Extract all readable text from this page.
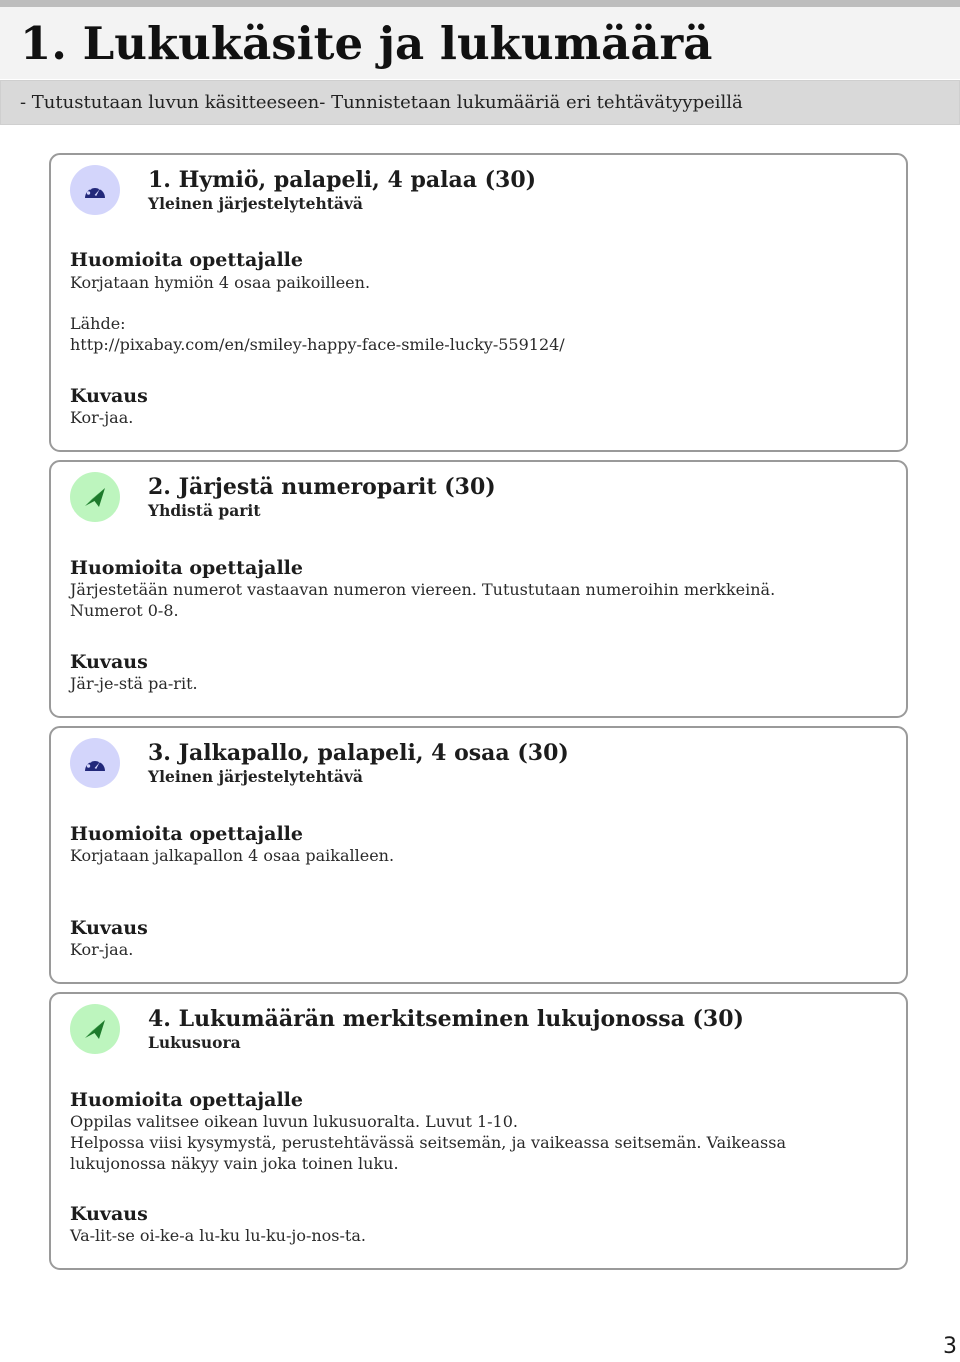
1. Lukukäsite ja lukumäärä
- Tutustutaan luvun käsitteeseen- Tunnistetaan lukumääriä eri tehtävätyypeillä
1. Hymiö, palapeli, 4 palaa (30)
Yleinen järjestelytehtävä
Huomioita opettajalle

Korjataan hymiön 4 osaa paikoilleen.

Lähde:

http://pixabay.com/en/smiley-happy-face-smile-lucky-559124/

Kuvaus

Kor-jaa.

2. Järjestä numeroparit (30)
Yhdistä parit
Huomioita opettajalle

Järjestetään numerot vastaavan numeron viereen. Tutustutaan numeroihin merkkeinä.

Numerot 0-8.

Kuvaus

Jär-je-stä pa-rit.

3. Jalkapallo, palapeli, 4 osaa (30)
Yleinen järjestelytehtävä
Huomioita opettajalle

Korjataan jalkapallon 4 osaa paikalleen.

Kuvaus

Kor-jaa.

4. Lukumäärän merkitseminen lukujonossa (30)
Lukusuora
Huomioita opettajalle

Oppilas valitsee oikean luvun lukusuoralta. Luvut 1-10.

Helpossa viisi kysymystä, perustehtävässä seitsemän, ja vaikeassa seitsemän. Vaikeassa lukujonossa näkyy vain joka toinen luku.

Kuvaus

Va-lit-se oi-ke-a lu-ku lu-ku-jo-nos-ta.

3
